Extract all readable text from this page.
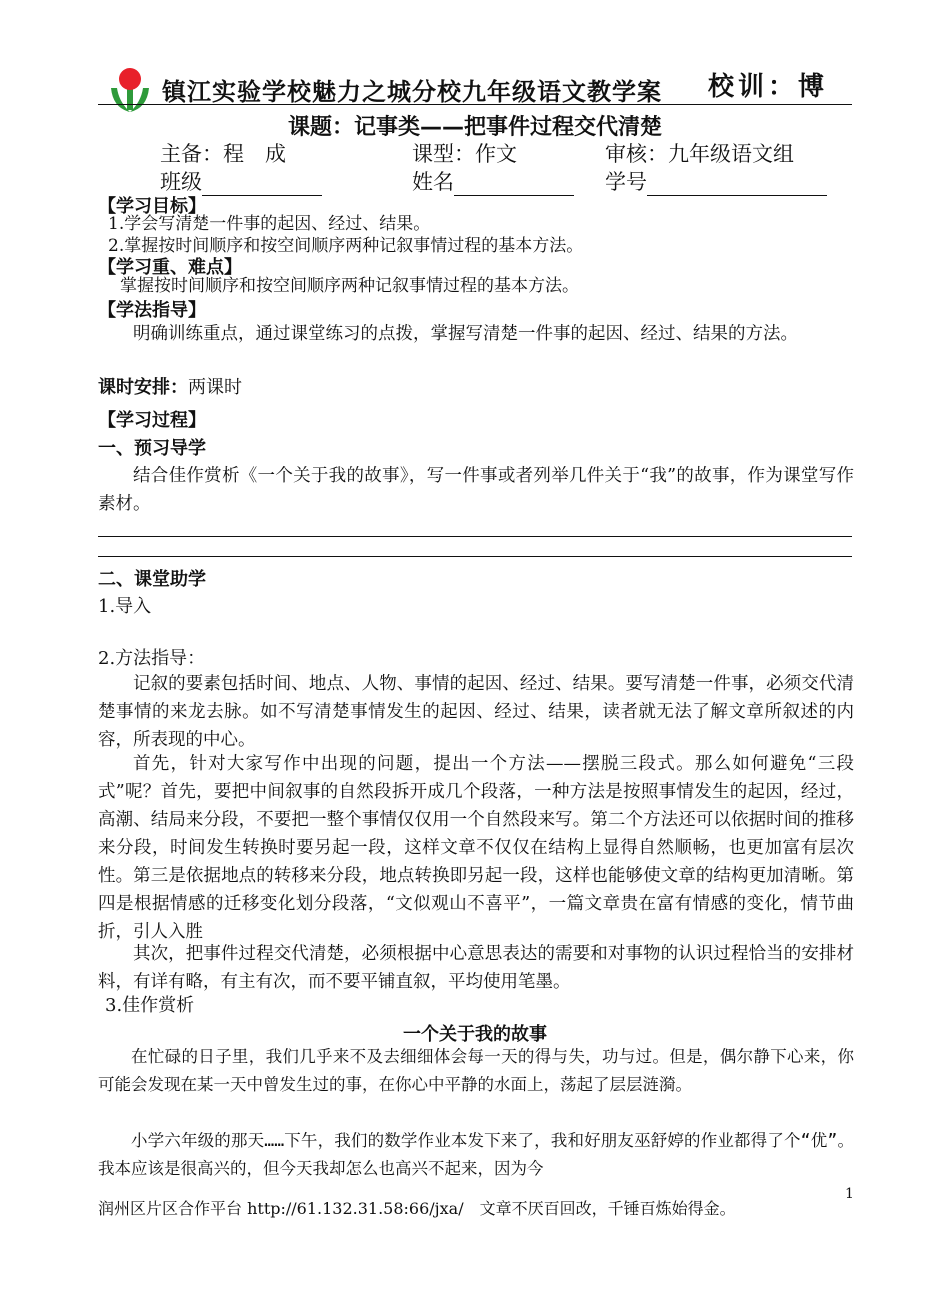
镇江实验学校魅力之城分校九年级语文教学案 校训：博
课题：记事类——把事件过程交代清楚
主备：程　成	课型：作文	审核：九年级语文组
班级	姓名	学号
【学习目标】
1.学会写清楚一件事的起因、经过、结果。
2.掌握按时间顺序和按空间顺序两种记叙事情过程的基本方法。
【学习重、难点】
掌握按时间顺序和按空间顺序两种记叙事情过程的基本方法。
【学法指导】
明确训练重点，通过课堂练习的点拨，掌握写清楚一件事的起因、经过、结果的方法。
课时安排：两课时
【学习过程】
一、预习导学
结合佳作赏析《一个关于我的故事》，写一件事或者列举几件关于“我”的故事，作为课堂写作素材。
二、课堂助学
1.导入
2.方法指导：
记叙的要素包括时间、地点、人物、事情的起因、经过、结果。要写清楚一件事，必须交代清楚事情的来龙去脉。如不写清楚事情发生的起因、经过、结果，读者就无法了解文章所叙述的内容，所表现的中心。
首先，针对大家写作中出现的问题，提出一个方法——摆脱三段式。那么如何避免“三段式”呢？首先，要把中间叙事的自然段拆开成几个段落，一种方法是按照事情发生的起因，经过，高潮、结局来分段，不要把一整个事情仅仅用一个自然段来写。第二个方法还可以依据时间的推移来分段，时间发生转换时要另起一段，这样文章不仅仅在结构上显得自然顺畅，也更加富有层次性。第三是依据地点的转移来分段，地点转换即另起一段，这样也能够使文章的结构更加清晰。第四是根据情感的迁移变化划分段落，“文似观山不喜平”，一篇文章贵在富有情感的变化，情节曲折，引人入胜
其次，把事件过程交代清楚，必须根据中心意思表达的需要和对事物的认识过程恰当的安排材料，有详有略，有主有次，而不要平铺直叙，平均使用笔墨。
3.佳作赏析
一个关于我的故事
在忙碌的日子里，我们几乎来不及去细细体会每一天的得与失，功与过。但是，偶尔静下心来，你可能会发现在某一天中曾发生过的事，在你心中平静的水面上，荡起了层层涟漪。
小学六年级的那天……下午，我们的数学作业本发下来了，我和好朋友巫舒婷的作业都得了个“优”。我本应该是很高兴的，但今天我却怎么也高兴不起来，因为今
1
润州区片区合作平台 http://61.132.31.58:66/jxa/　文章不厌百回改，千锤百炼始得金。
